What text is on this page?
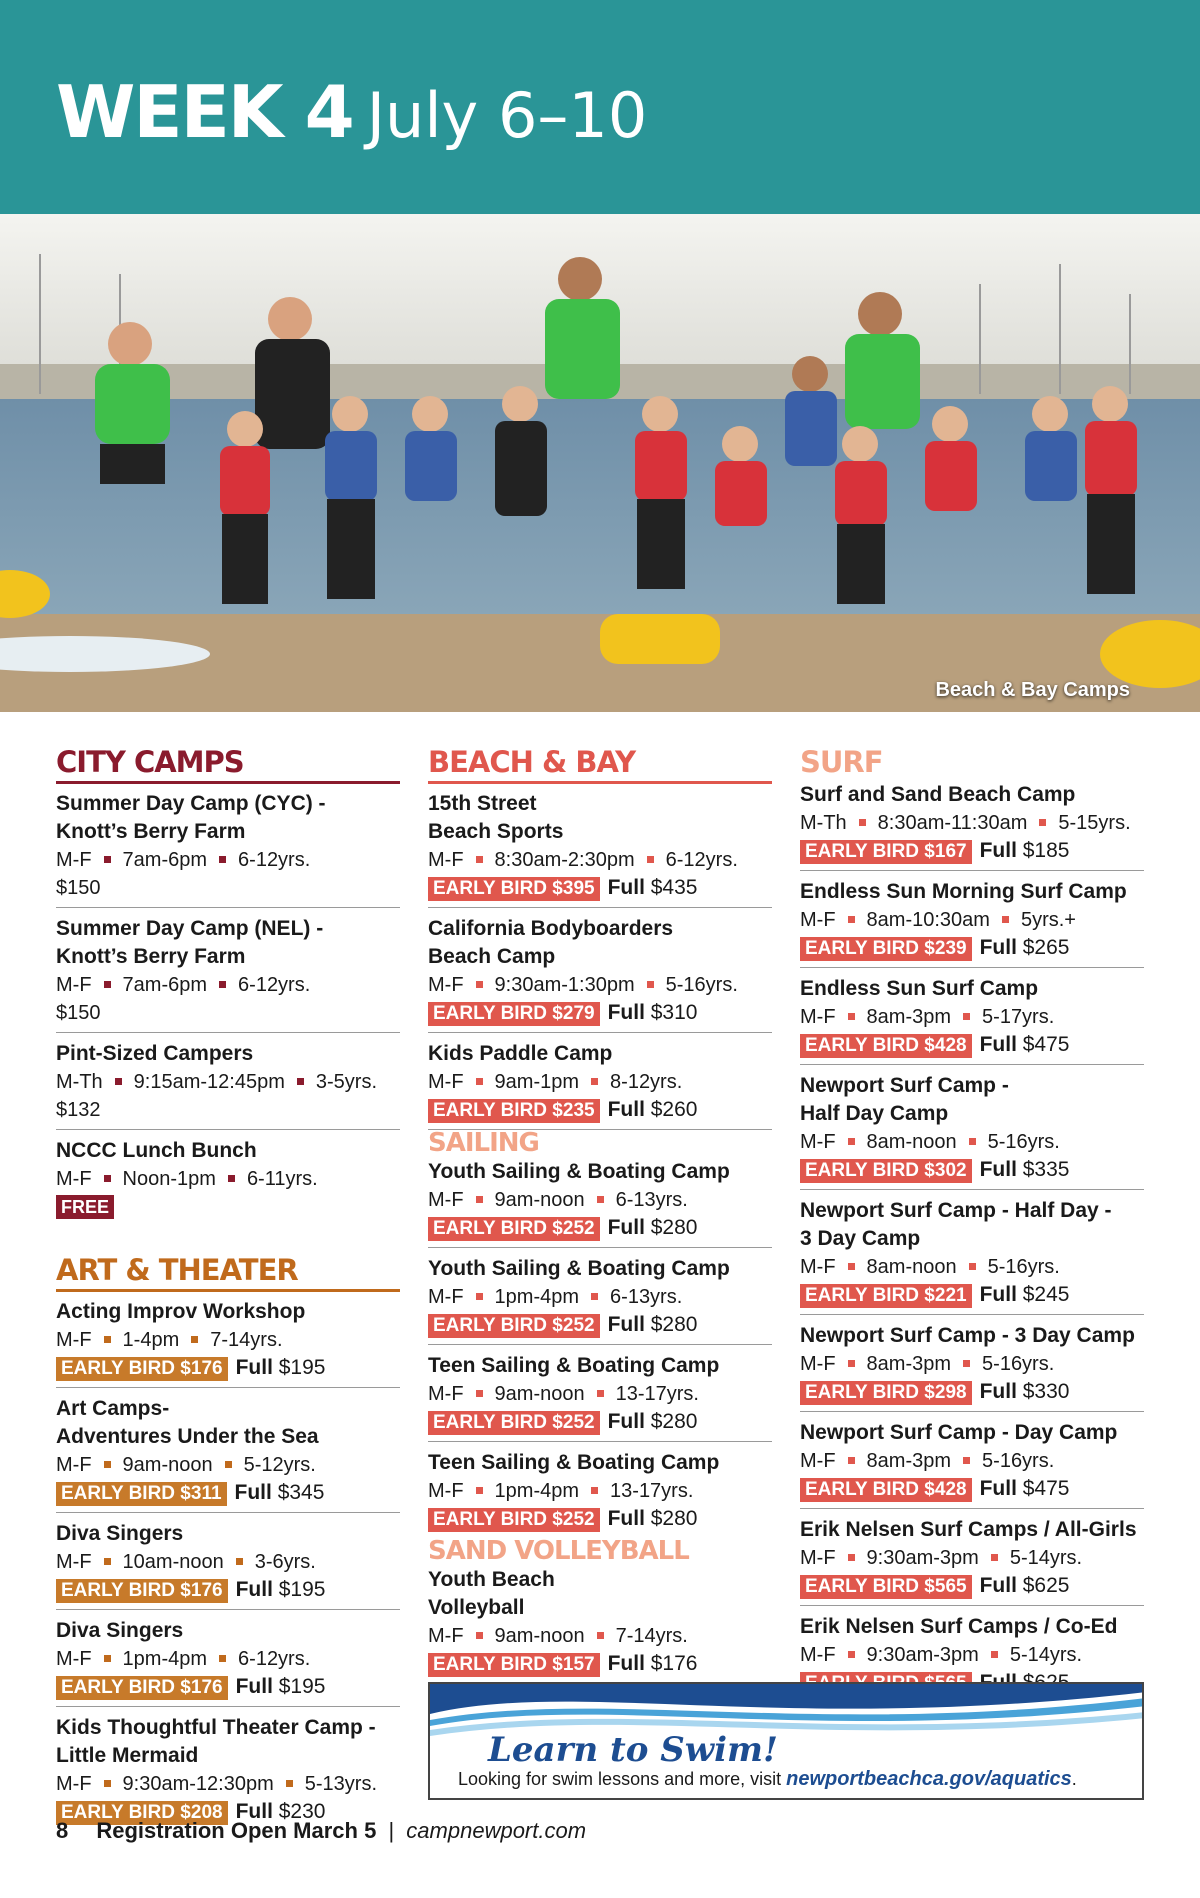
WEEK 4 July 6–10
Beach & Bay Camps
CITY CAMPS
Summer Day Camp (CYC) -
Knott’s Berry Farm
M-F 7am-6pm 6-12yrs.
$150
Summer Day Camp (NEL) -
Knott’s Berry Farm
M-F 7am-6pm 6-12yrs.
$150
Pint-Sized Campers
M-Th 9:15am-12:45pm 3-5yrs.
$132
NCCC Lunch Bunch
M-F Noon-1pm 6-11yrs.
FREE
ART & THEATER
Acting Improv Workshop
M-F 1-4pm 7-14yrs.
EARLY BIRD $176 Full $195
Art Camps-
Adventures Under the Sea
M-F 9am-noon 5-12yrs.
EARLY BIRD $311 Full $345
Diva Singers
M-F 10am-noon 3-6yrs.
EARLY BIRD $176 Full $195
Diva Singers
M-F 1pm-4pm 6-12yrs.
EARLY BIRD $176 Full $195
Kids Thoughtful Theater Camp -
Little Mermaid
M-F 9:30am-12:30pm 5-13yrs.
EARLY BIRD $208 Full $230
BEACH & BAY
15th Street
Beach Sports
M-F 8:30am-2:30pm 6-12yrs.
EARLY BIRD $395 Full $435
California Bodyboarders
Beach Camp
M-F 9:30am-1:30pm 5-16yrs.
EARLY BIRD $279 Full $310
Kids Paddle Camp
M-F 9am-1pm 8-12yrs.
EARLY BIRD $235 Full $260
SAILING
Youth Sailing & Boating Camp
M-F 9am-noon 6-13yrs.
EARLY BIRD $252 Full $280
Youth Sailing & Boating Camp
M-F 1pm-4pm 6-13yrs.
EARLY BIRD $252 Full $280
Teen Sailing & Boating Camp
M-F 9am-noon 13-17yrs.
EARLY BIRD $252 Full $280
Teen Sailing & Boating Camp
M-F 1pm-4pm 13-17yrs.
EARLY BIRD $252 Full $280
SAND VOLLEYBALL
Youth Beach
Volleyball
M-F 9am-noon 7-14yrs.
EARLY BIRD $157 Full $176
SURF
Surf and Sand Beach Camp
M-Th 8:30am-11:30am 5-15yrs.
EARLY BIRD $167 Full $185
Endless Sun Morning Surf Camp
M-F 8am-10:30am 5yrs.+
EARLY BIRD $239 Full $265
Endless Sun Surf Camp
M-F 8am-3pm 5-17yrs.
EARLY BIRD $428 Full $475
Newport Surf Camp -
Half Day Camp
M-F 8am-noon 5-16yrs.
EARLY BIRD $302 Full $335
Newport Surf Camp - Half Day -
3 Day Camp
M-F 8am-noon 5-16yrs.
EARLY BIRD $221 Full $245
Newport Surf Camp - 3 Day Camp
M-F 8am-3pm 5-16yrs.
EARLY BIRD $298 Full $330
Newport Surf Camp - Day Camp
M-F 8am-3pm 5-16yrs.
EARLY BIRD $428 Full $475
Erik Nelsen Surf Camps / All-Girls
M-F 9:30am-3pm 5-14yrs.
EARLY BIRD $565 Full $625
Erik Nelsen Surf Camps / Co-Ed
M-F 9:30am-3pm 5-14yrs.
Learn to Swim!
Looking for swim lessons and more, visit newportbeachca.gov/aquatics.
8 Registration Open March 5 | campnewport.com
